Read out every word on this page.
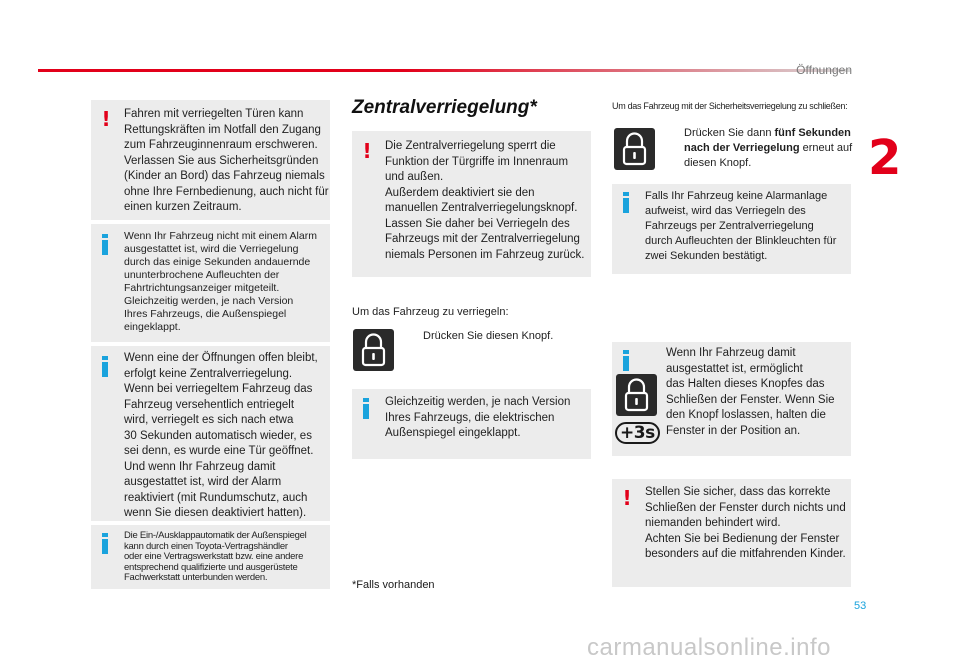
Öffnungen
2
! Fahren mit verriegelten Türen kann
Rettungskräften im Notfall den Zugang
zum Fahrzeuginnenraum erschweren.
Verlassen Sie aus Sicherheitsgründen
(Kinder an Bord) das Fahrzeug niemals
ohne Ihre Fernbedienung, auch nicht für
einen kurzen Zeitraum.
Wenn Ihr Fahrzeug nicht mit einem Alarm
ausgestattet ist, wird die Verriegelung
durch das einige Sekunden andauernde
ununterbrochene Aufleuchten der
Fahrtrichtungsanzeiger mitgeteilt.
Gleichzeitig werden, je nach Version
Ihres Fahrzeugs, die Außenspiegel
eingeklappt.
Wenn eine der Öffnungen offen bleibt,
erfolgt keine Zentralverriegelung.
Wenn bei verriegeltem Fahrzeug das
Fahrzeug versehentlich entriegelt
wird, verriegelt es sich nach etwa
30 Sekunden automatisch wieder, es
sei denn, es wurde eine Tür geöffnet.
Und wenn Ihr Fahrzeug damit
ausgestattet ist, wird der Alarm
reaktiviert (mit Rundumschutz, auch
wenn Sie diesen deaktiviert hatten).
Die Ein-/Ausklappautomatik der Außenspiegel
kann durch einen Toyota-Vertragshändler
oder eine Vertragswerkstatt bzw. eine andere
entsprechend qualifizierte und ausgerüstete
Fachwerkstatt unterbunden werden.
Zentralverriegelung*
! Die Zentralverriegelung sperrt die
Funktion der Türgriffe im Innenraum
und außen.
Außerdem deaktiviert sie den
manuellen Zentralverriegelungsknopf.
Lassen Sie daher bei Verriegeln des
Fahrzeugs mit der Zentralverriegelung
niemals Personen im Fahrzeug zurück.
Um das Fahrzeug zu verriegeln:
Drücken Sie diesen Knopf.
Gleichzeitig werden, je nach Version
Ihres Fahrzeugs, die elektrischen
Außenspiegel eingeklappt.
*Falls vorhanden
Um das Fahrzeug mit der Sicherheitsverriegelung zu schließen:
Drücken Sie dann fünf Sekunden
nach der Verriegelung erneut auf
diesen Knopf.
Falls Ihr Fahrzeug keine Alarmanlage
aufweist, wird das Verriegeln des
Fahrzeugs per Zentralverriegelung
durch Aufleuchten der Blinkleuchten für
zwei Sekunden bestätigt.
+3s
Wenn Ihr Fahrzeug damit
ausgestattet ist, ermöglicht
das Halten dieses Knopfes das
Schließen der Fenster. Wenn Sie
den Knopf loslassen, halten die
Fenster in der Position an.
! Stellen Sie sicher, dass das korrekte
Schließen der Fenster durch nichts und
niemanden behindert wird.
Achten Sie bei Bedienung der Fenster
besonders auf die mitfahrenden Kinder.
53
carmanualsonline.info
